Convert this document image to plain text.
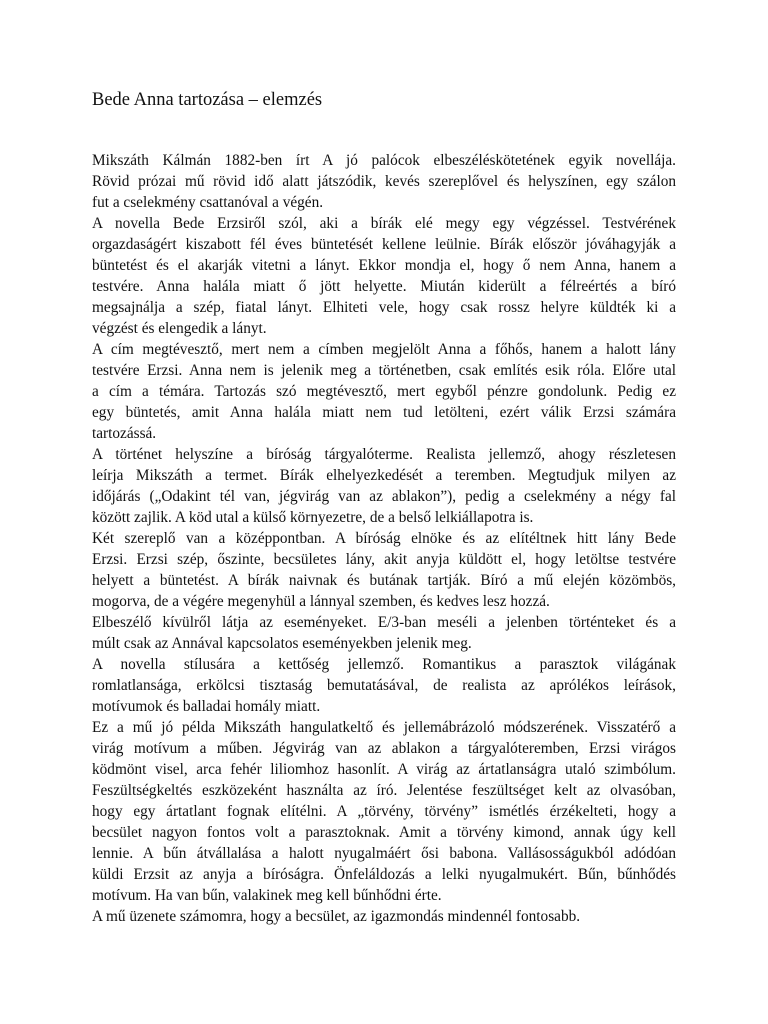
Bede Anna tartozása – elemzés
Mikszáth Kálmán 1882-ben írt A jó palócok elbeszéléskötetének egyik novellája.
Rövid prózai mű rövid idő alatt játszódik, kevés szereplővel és helyszínen, egy szálon
fut a cselekmény csattanóval a végén.
A novella Bede Erzsiről szól, aki a bírák elé megy egy végzéssel. Testvérének
orgazdaságért kiszabott fél éves büntetését kellene leülnie. Bírák először jóváhagyják a
büntetést és el akarják vitetni a lányt. Ekkor mondja el, hogy ő nem Anna, hanem a
testvére. Anna halála miatt ő jött helyette. Miután kiderült a félreértés a bíró
megsajnálja a szép, fiatal lányt. Elhiteti vele, hogy csak rossz helyre küldték ki a
végzést és elengedik a lányt.
A cím megtévesztő, mert nem a címben megjelölt Anna a főhős, hanem a halott lány
testvére Erzsi. Anna nem is jelenik meg a történetben, csak említés esik róla. Előre utal
a cím a témára. Tartozás szó megtévesztő, mert egyből pénzre gondolunk. Pedig ez
egy büntetés, amit Anna halála miatt nem tud letölteni, ezért válik Erzsi számára
tartozássá.
A történet helyszíne a bíróság tárgyalóterme. Realista jellemző, ahogy részletesen
leírja Mikszáth a termet. Bírák elhelyezkedését a teremben. Megtudjuk milyen az
időjárás („Odakint tél van, jégvirág van az ablakon”), pedig a cselekmény a négy fal
között zajlik. A köd utal a külső környezetre, de a belső lelkiállapotra is.
Két szereplő van a középpontban. A bíróság elnöke és az elítéltnek hitt lány Bede
Erzsi. Erzsi szép, őszinte, becsületes lány, akit anyja küldött el, hogy letöltse testvére
helyett a büntetést. A bírák naivnak és butának tartják. Bíró a mű elején közömbös,
mogorva, de a végére megenyhül a lánnyal szemben, és kedves lesz hozzá.
Elbeszélő kívülről látja az eseményeket. E/3-ban meséli a jelenben történteket és a
múlt csak az Annával kapcsolatos eseményekben jelenik meg.
A novella stílusára a kettőség jellemző. Romantikus a parasztok világának
romlatlansága, erkölcsi tisztaság bemutatásával, de realista az aprólékos leírások,
motívumok és balladai homály miatt.
Ez a mű jó példa Mikszáth hangulatkeltő és jellemábrázoló módszerének. Visszatérő a
virág motívum a műben. Jégvirág van az ablakon a tárgyalóteremben, Erzsi virágos
ködmönt visel, arca fehér liliomhoz hasonlít. A virág az ártatlanságra utaló szimbólum.
Feszültségkeltés eszközeként használta az író. Jelentése feszültséget kelt az olvasóban,
hogy egy ártatlant fognak elítélni. A „törvény, törvény” ismétlés érzékelteti, hogy a
becsület nagyon fontos volt a parasztoknak. Amit a törvény kimond, annak úgy kell
lennie. A bűn átvállalása a halott nyugalmáért ősi babona. Vallásosságukból adódóan
küldi Erzsit az anyja a bíróságra. Önfeláldozás a lelki nyugalmukért. Bűn, bűnhődés
motívum. Ha van bűn, valakinek meg kell bűnhődni érte.
A mű üzenete számomra, hogy a becsület, az igazmondás mindennél fontosabb.
